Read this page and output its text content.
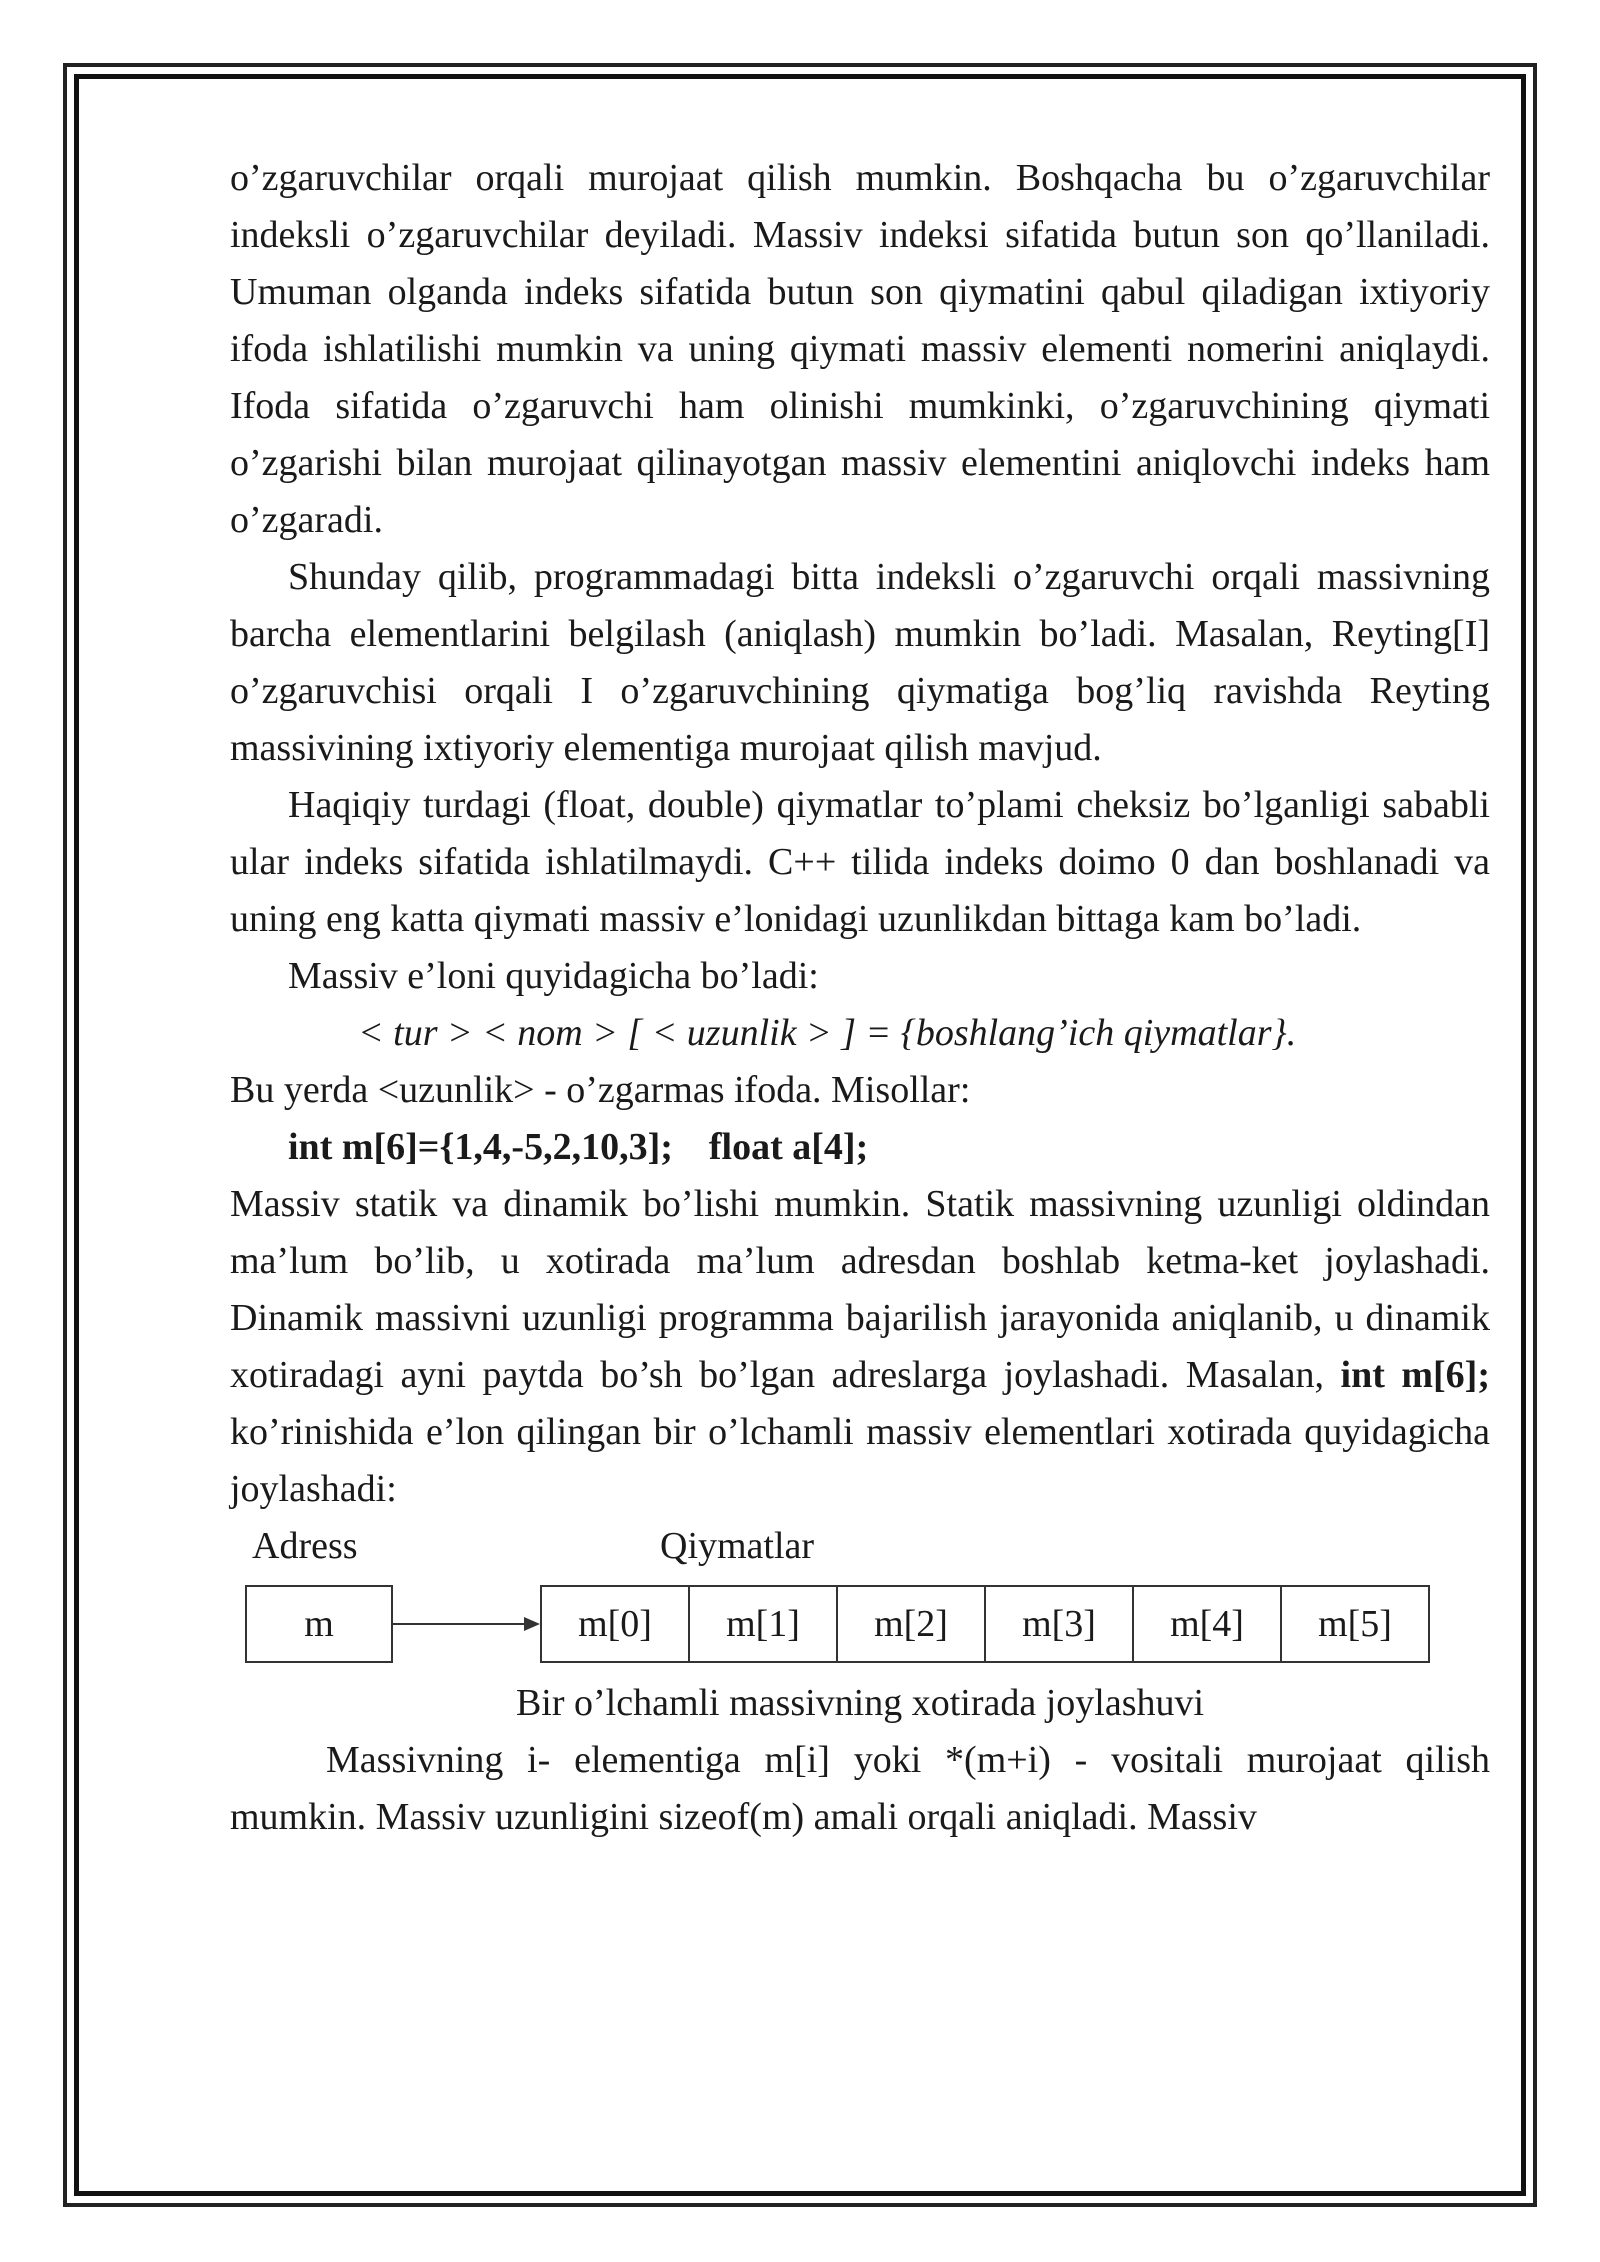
o’zgaruvchilar orqali murojaat qilish mumkin. Boshqacha bu o’zgaruvchilar indeksli o’zgaruvchilar deyiladi. Massiv indeksi sifatida butun son qo’llaniladi. Umuman olganda indeks sifatida butun son qiymatini qabul qiladigan ixtiyoriy ifoda ishlatilishi mumkin va uning qiymati massiv elementi nomerini aniqlaydi. Ifoda sifatida o’zgaruvchi ham olinishi mumkinki, o’zgaruvchining qiymati o’zgarishi bilan murojaat qilinayotgan massiv elementini aniqlovchi indeks ham o’zgaradi.

Shunday qilib, programmadagi bitta indeksli o’zgaruvchi orqali massivning barcha elementlarini belgilash (aniqlash) mumkin bo’ladi. Masalan, Reyting[I] o’zgaruvchisi orqali I o’zgaruvchining qiymatiga bog’liq ravishda Reyting massivining ixtiyoriy elementiga murojaat qilish mavjud.

Haqiqiy turdagi (float, double) qiymatlar to’plami cheksiz bo’lganligi sababli ular indeks sifatida ishlatilmaydi. C++ tilida indeks doimo 0 dan boshlanadi va uning eng katta qiymati massiv e’lonidagi uzunlikdan bittaga kam bo’ladi.

Massiv e’loni quyidagicha bo’ladi:

< tur > < nom > [ < uzunlik > ] = {boshlang’ich qiymatlar}.

Bu yerda <uzunlik> - o’zgarmas ifoda. Misollar:

int m[6]={1,4,-5,2,10,3]; float a[4];

Massiv statik va dinamik bo’lishi mumkin. Statik massivning uzunligi oldindan ma’lum bo’lib, u xotirada ma’lum adresdan boshlab ketma-ket joylashadi. Dinamik massivni uzunligi programma bajarilish jarayonida aniqlanib, u dinamik xotiradagi ayni paytda bo’sh bo’lgan adreslarga joylashadi. Masalan, int m[6]; ko’rinishida e’lon qilingan bir o’lchamli massiv elementlari xotirada quyidagicha joylashadi:

Adress	Qiymatlar
m	m[0]	m[1]	m[2]	m[3]	m[4]	m[5]

Bir o’lchamli massivning xotirada joylashuvi

Massivning i- elementiga m[i] yoki *(m+i) - vositali murojaat qilish mumkin. Massiv uzunligini sizeof(m) amali orqali aniqladi. Massiv
